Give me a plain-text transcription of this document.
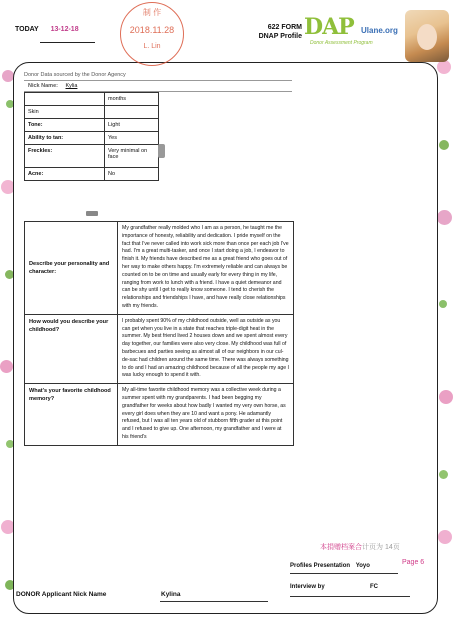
TODAY 13-12-18
制 作
2018.11.28
L. Lin
622 FORM
DNAP Profile DAP Ulane.org
Donor Assessment Program
Donor Data sourced by the Donor Agency
Nick Name: Kylia
	months
Skin	
Tone:	Light
Ability to tan:	Yes
Freckles:	Very minimal on face
Acne:	No
Describe your personality and character:	My grandfather really molded who I am as a person, he taught me the importance of honesty, reliability and dedication. I pride myself on the fact that I've never called into work sick more than once per each job I've had. I'm a great multi-tasker, and once I start doing a job, I endeavor to finish it. My friends have described me as a great friend who goes out of her way to make others happy. I'm extremely reliable and can always be counted on to be on time and usually early for every thing in my life, ranging from work to lunch with a friend. I have a quiet demeanor and can be shy until I get to really know someone. I tend to cherish the relationships and friendships I have, and have really close relationships with my friends.
How would you describe your childhood?	I probably spent 90% of my childhood outside, well as outside as you can get when you live in a state that reaches triple-digit heat in the summer. My best friend lived 2 houses down and we spent almost every day together, our families were also very close. My childhood was full of barbecues and parties seeing as almost all of our neighbors in our cul-de-sac had children around the same time. There was always something to do and I had an amazing childhood because of all the people my age I was lucky enough to spend it with.
What's your favorite childhood memory?	My all-time favorite childhood memory was a collective week during a summer spent with my grandparents. I had been begging my grandfather for weeks about how badly I wanted my very own horse, as every girl does when they are 10 and want a pony. He adamantly refused, but I was all ten years old of stubborn fifth grader at this point and I refused to give up. One afternoon, my grandfather and I were at his friend's
本捐赠档案合计页为 14页
Profiles Presentation Yoyo	Page 6
Interview by	FC
DONOR Applicant Nick Name	Kylina
